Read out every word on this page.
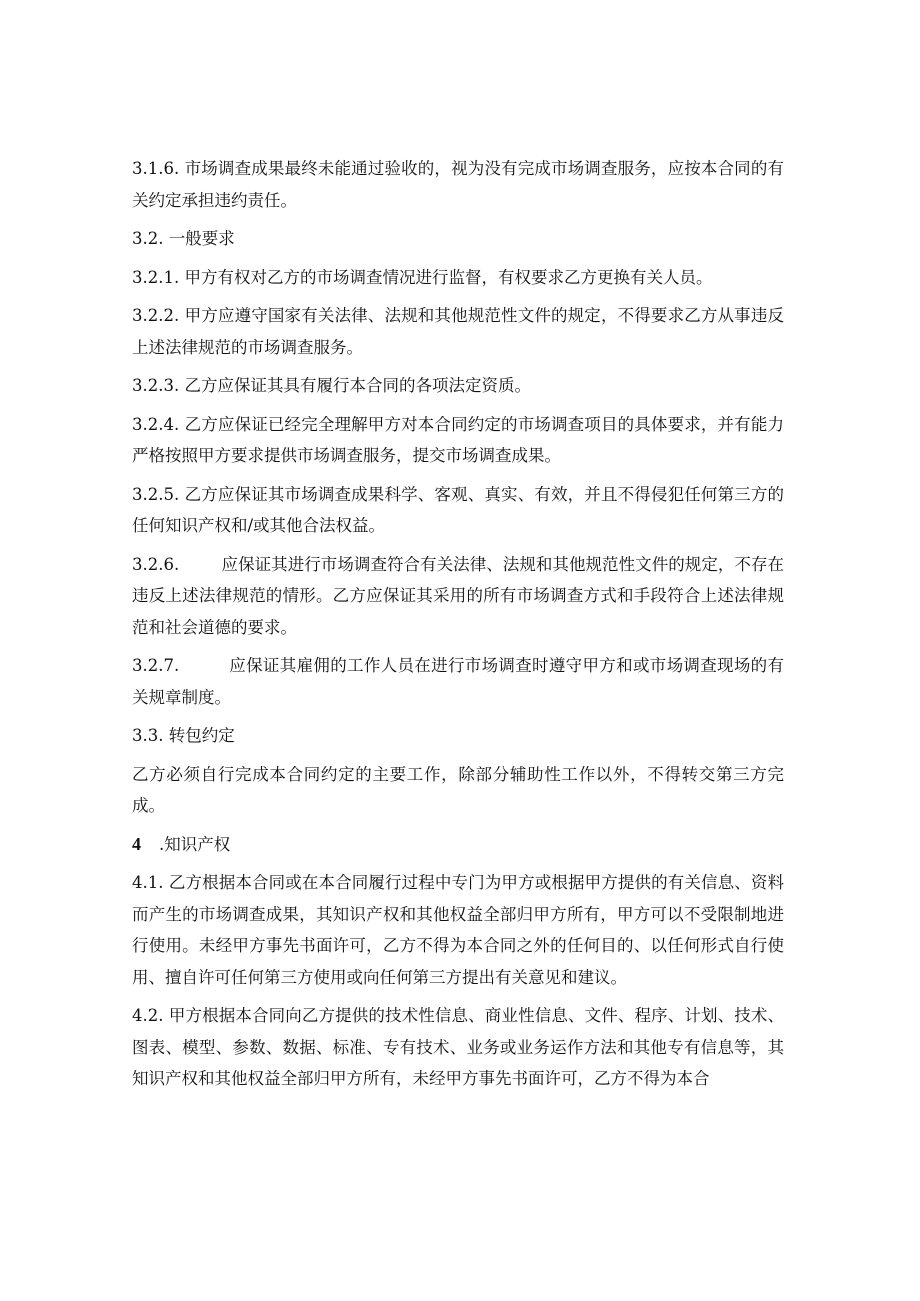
3.1.6. 市场调查成果最终未能通过验收的，视为没有完成市场调查服务，应按本合同的有关约定承担违约责任。

3.2. 一般要求

3.2.1. 甲方有权对乙方的市场调查情况进行监督，有权要求乙方更换有关人员。

3.2.2. 甲方应遵守国家有关法律、法规和其他规范性文件的规定，不得要求乙方从事违反上述法律规范的市场调查服务。

3.2.3. 乙方应保证其具有履行本合同的各项法定资质。

3.2.4. 乙方应保证已经完全理解甲方对本合同约定的市场调查项目的具体要求，并有能力严格按照甲方要求提供市场调查服务，提交市场调查成果。

3.2.5. 乙方应保证其市场调查成果科学、客观、真实、有效，并且不得侵犯任何第三方的任何知识产权和/或其他合法权益。

3.2.6.        应保证其进行市场调查符合有关法律、法规和其他规范性文件的规定，不存在违反上述法律规范的情形。乙方应保证其采用的所有市场调查方式和手段符合上述法律规范和社会道德的要求。

3.2.7.         应保证其雇佣的工作人员在进行市场调查时遵守甲方和或市场调查现场的有关规章制度。

3.3. 转包约定

乙方必须自行完成本合同约定的主要工作，除部分辅助性工作以外，不得转交第三方完成。

4 .知识产权

4.1. 乙方根据本合同或在本合同履行过程中专门为甲方或根据甲方提供的有关信息、资料而产生的市场调查成果，其知识产权和其他权益全部归甲方所有，甲方可以不受限制地进行使用。未经甲方事先书面许可，乙方不得为本合同之外的任何目的、以任何形式自行使用、擅自许可任何第三方使用或向任何第三方提出有关意见和建议。

4.2. 甲方根据本合同向乙方提供的技术性信息、商业性信息、文件、程序、计划、技术、图表、模型、参数、数据、标准、专有技术、业务或业务运作方法和其他专有信息等，其知识产权和其他权益全部归甲方所有，未经甲方事先书面许可，乙方不得为本合
